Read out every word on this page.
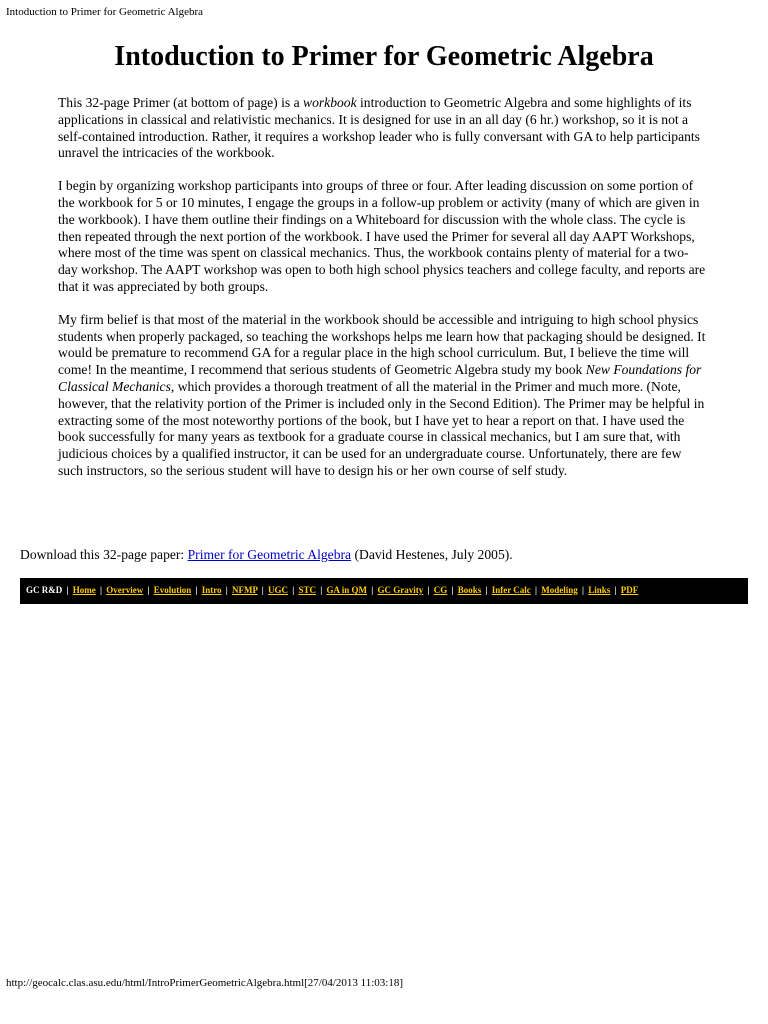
Intoduction to Primer for Geometric Algebra
Intoduction to Primer for Geometric Algebra

This 32-page Primer (at bottom of page) is a workbook introduction to Geometric Algebra and some highlights of its applications in classical and relativistic mechanics. It is designed for use in an all day (6 hr.) workshop, so it is not a self-contained introduction. Rather, it requires a workshop leader who is fully conversant with GA to help participants unravel the intricacies of the workbook.

I begin by organizing workshop participants into groups of three or four. After leading discussion on some portion of the workbook for 5 or 10 minutes, I engage the groups in a follow-up problem or activity (many of which are given in the workbook). I have them outline their findings on a Whiteboard for discussion with the whole class. The cycle is then repeated through the next portion of the workbook. I have used the Primer for several all day AAPT Workshops, where most of the time was spent on classical mechanics. Thus, the workbook contains plenty of material for a two-day workshop. The AAPT workshop was open to both high school physics teachers and college faculty, and reports are that it was appreciated by both groups.

My firm belief is that most of the material in the workbook should be accessible and intriguing to high school physics students when properly packaged, so teaching the workshops helps me learn how that packaging should be designed. It would be premature to recommend GA for a regular place in the high school curriculum. But, I believe the time will come! In the meantime, I recommend that serious students of Geometric Algebra study my book New Foundations for Classical Mechanics, which provides a thorough treatment of all the material in the Primer and much more. (Note, however, that the relativity portion of the Primer is included only in the Second Edition). The Primer may be helpful in extracting some of the most noteworthy portions of the book, but I have yet to hear a report on that. I have used the book successfully for many years as textbook for a graduate course in classical mechanics, but I am sure that, with judicious choices by a qualified instructor, it can be used for an undergraduate course. Unfortunately, there are few such instructors, so the serious student will have to design his or her own course of self study.

Download this 32-page paper: Primer for Geometric Algebra (David Hestenes, July 2005).
GC R&D | Home | Overview | Evolution | Intro | NFMP | UGC | STC | GA in QM | GC Gravity | CG | Books | Infer Calc | Modeling | Links | PDF
http://geocalc.clas.asu.edu/html/IntroPrimerGeometricAlgebra.html[27/04/2013 11:03:18]
